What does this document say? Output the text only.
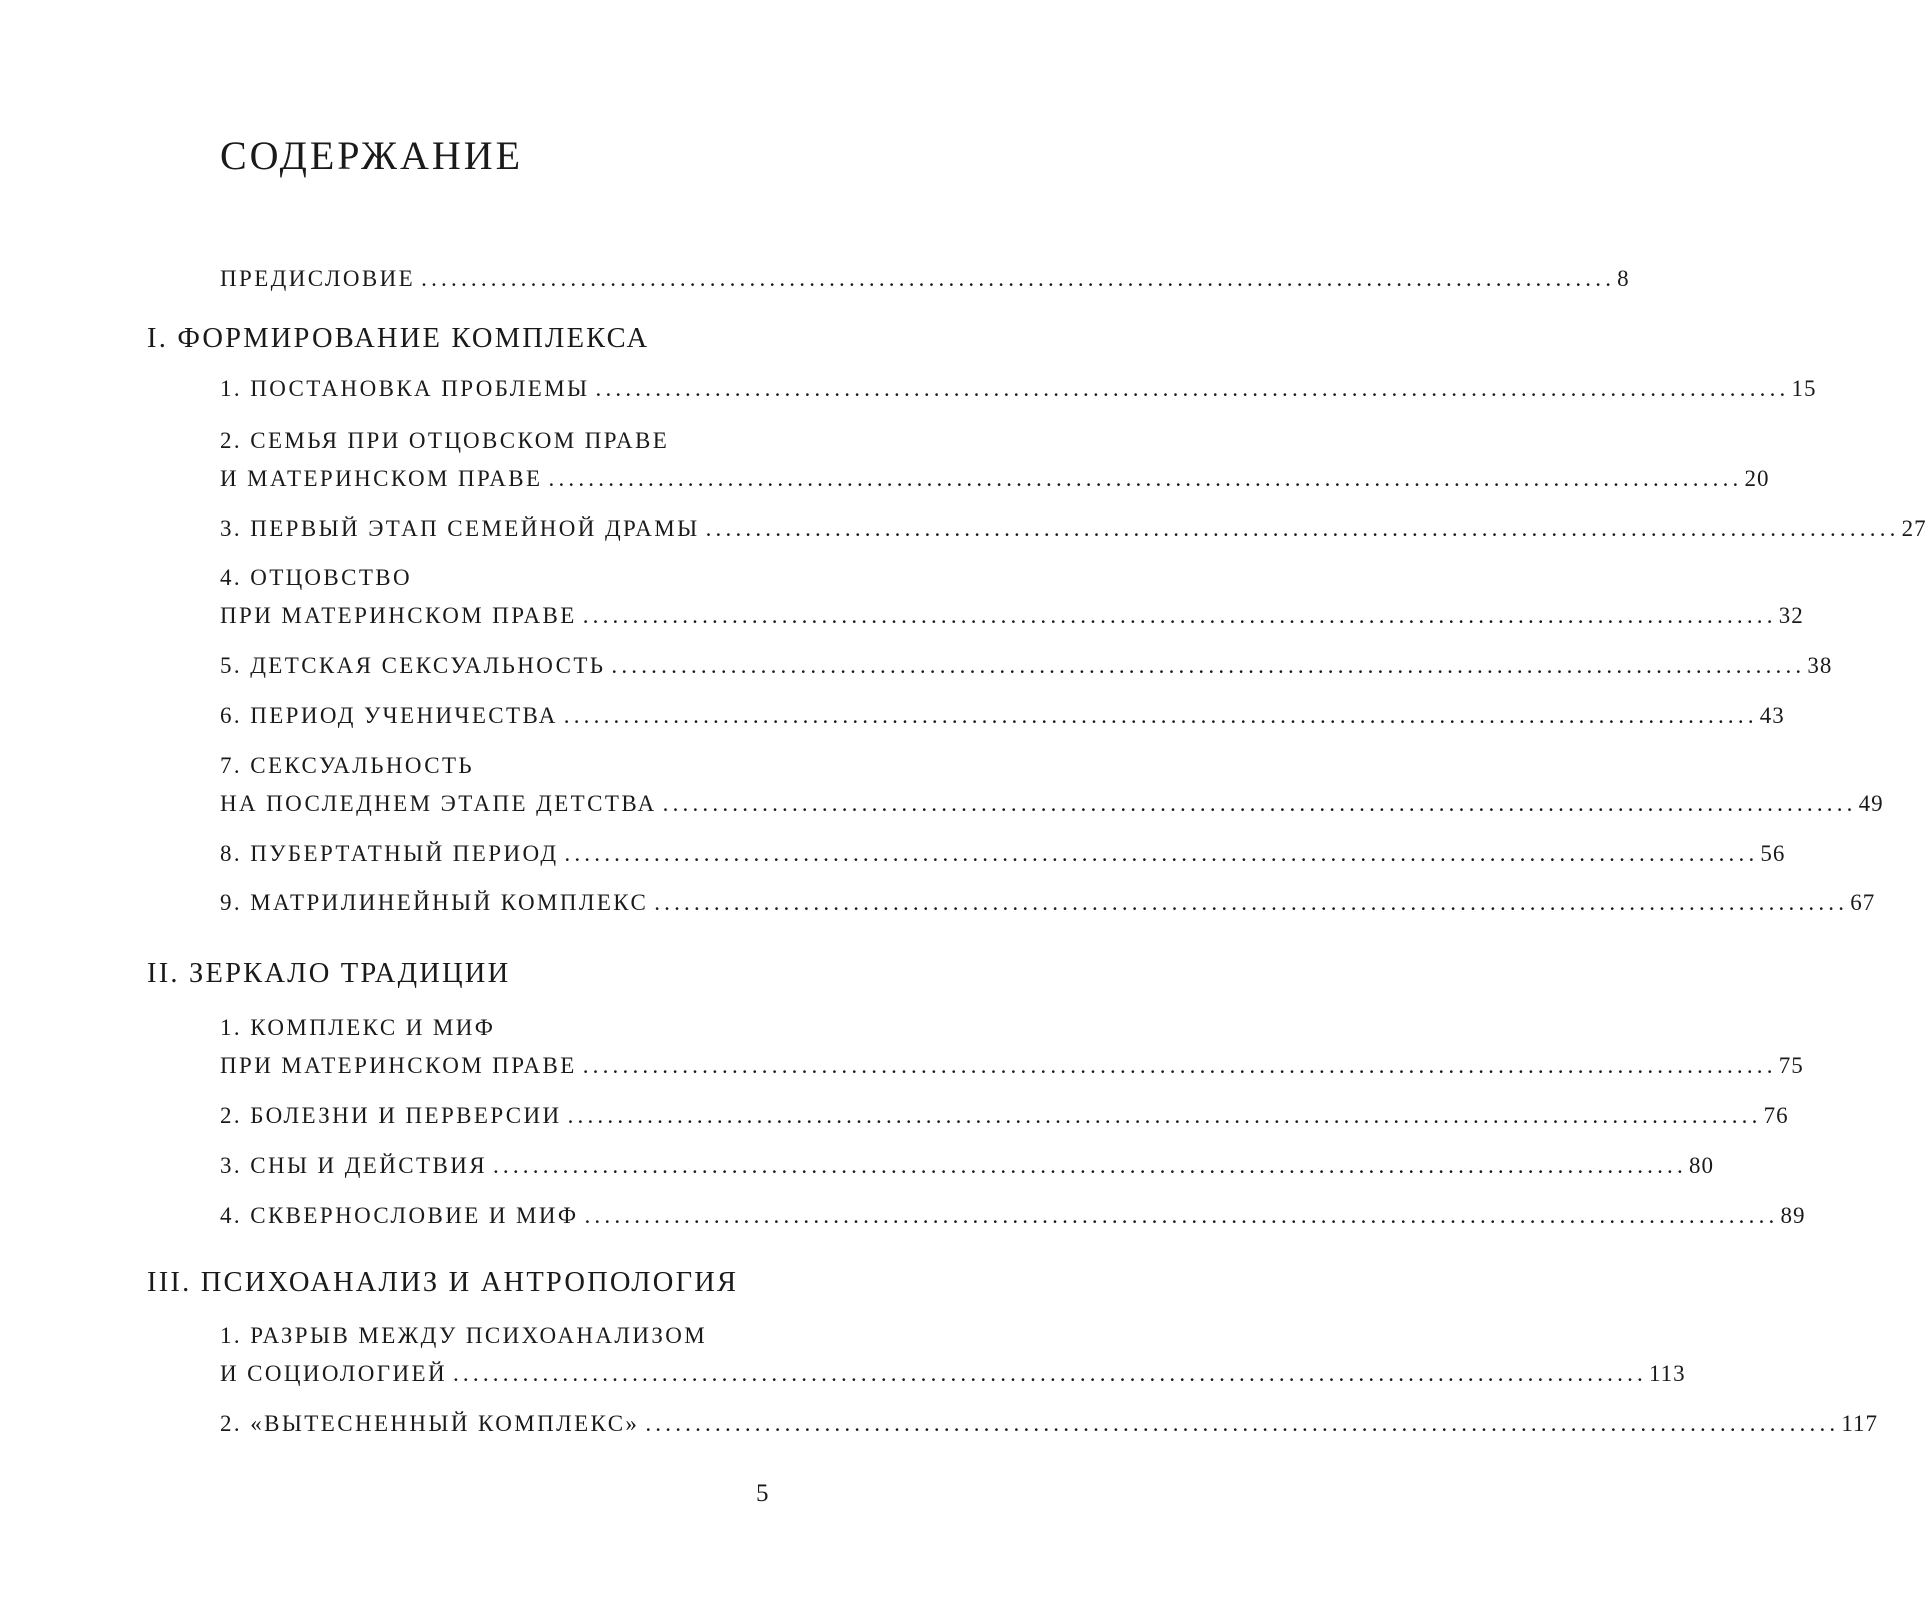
СОДЕРЖАНИЕ
ПРЕДИСЛОВИЕ ........................................................................................................................ 8
I. ФОРМИРОВАНИЕ КОМПЛЕКСА
1. ПОСТАНОВКА ПРОБЛЕМЫ ........................................................................................................................ 15
2. СЕМЬЯ ПРИ ОТЦОВСКОМ ПРАВЕ
И МАТЕРИНСКОМ ПРАВЕ ........................................................................................................................ 20
3. ПЕРВЫЙ ЭТАП СЕМЕЙНОЙ ДРАМЫ ........................................................................................................................ 27
4. ОТЦОВСТВО
ПРИ МАТЕРИНСКОМ ПРАВЕ ........................................................................................................................ 32
5. ДЕТСКАЯ СЕКСУАЛЬНОСТЬ ........................................................................................................................ 38
6. ПЕРИОД УЧЕНИЧЕСТВА ........................................................................................................................ 43
7. СЕКСУАЛЬНОСТЬ
НА ПОСЛЕДНЕМ ЭТАПЕ ДЕТСТВА ........................................................................................................................ 49
8. ПУБЕРТАТНЫЙ ПЕРИОД ........................................................................................................................ 56
9. МАТРИЛИНЕЙНЫЙ КОМПЛЕКС ........................................................................................................................ 67
II. ЗЕРКАЛО ТРАДИЦИИ
1. КОМПЛЕКС И МИФ
ПРИ МАТЕРИНСКОМ ПРАВЕ ........................................................................................................................ 75
2. БОЛЕЗНИ И ПЕРВЕРСИИ ........................................................................................................................ 76
3. СНЫ И ДЕЙСТВИЯ ........................................................................................................................ 80
4. СКВЕРНОСЛОВИЕ И МИФ ........................................................................................................................ 89
III. ПСИХОАНАЛИЗ И АНТРОПОЛОГИЯ
1. РАЗРЫВ МЕЖДУ ПСИХОАНАЛИЗОМ
И СОЦИОЛОГИЕЙ ........................................................................................................................ 113
2. «ВЫТЕСНЕННЫЙ КОМПЛЕКС» ........................................................................................................................ 117
5
